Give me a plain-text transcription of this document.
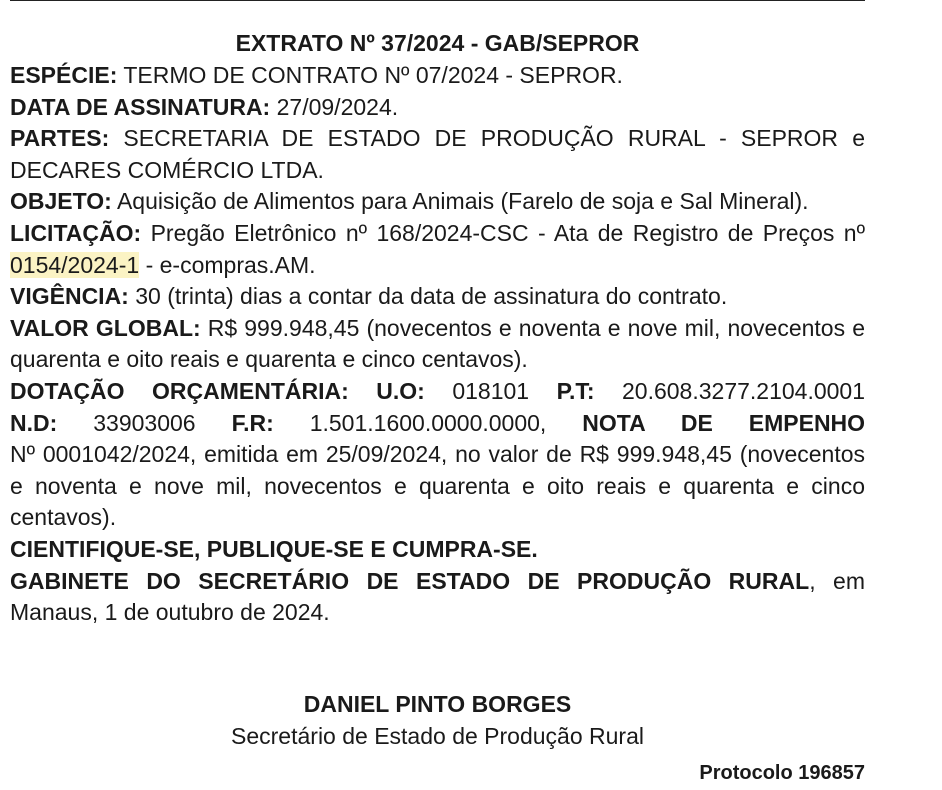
EXTRATO Nº 37/2024 - GAB/SEPROR

ESPÉCIE: TERMO DE CONTRATO Nº 07/2024 - SEPROR.

DATA DE ASSINATURA: 27/09/2024.

PARTES: SECRETARIA DE ESTADO DE PRODUÇÃO RURAL - SEPROR e DECARES COMÉRCIO LTDA.

OBJETO: Aquisição de Alimentos para Animais (Farelo de soja e Sal Mineral).

LICITAÇÃO: Pregão Eletrônico nº 168/2024-CSC - Ata de Registro de Preços nº 0154/2024-1 - e-compras.AM.

VIGÊNCIA: 30 (trinta) dias a contar da data de assinatura do contrato.

VALOR GLOBAL: R$ 999.948,45 (novecentos e noventa e nove mil, novecentos e quarenta e oito reais e quarenta e cinco centavos).

DOTAÇÃO ORÇAMENTÁRIA: U.O: 018101 P.T: 20.608.3277.2104.0001
N.D: 33903006 F.R: 1.501.1600.0000.0000, NOTA DE EMPENHO

Nº 0001042/2024, emitida em 25/09/2024, no valor de R$ 999.948,45 (novecentos e noventa e nove mil, novecentos e quarenta e oito reais e quarenta e cinco centavos).

CIENTIFIQUE-SE, PUBLIQUE-SE E CUMPRA-SE.

GABINETE DO SECRETÁRIO DE ESTADO DE PRODUÇÃO RURAL, em Manaus, 1 de outubro de 2024.

DANIEL PINTO BORGES
Secretário de Estado de Produção Rural
Protocolo 196857
